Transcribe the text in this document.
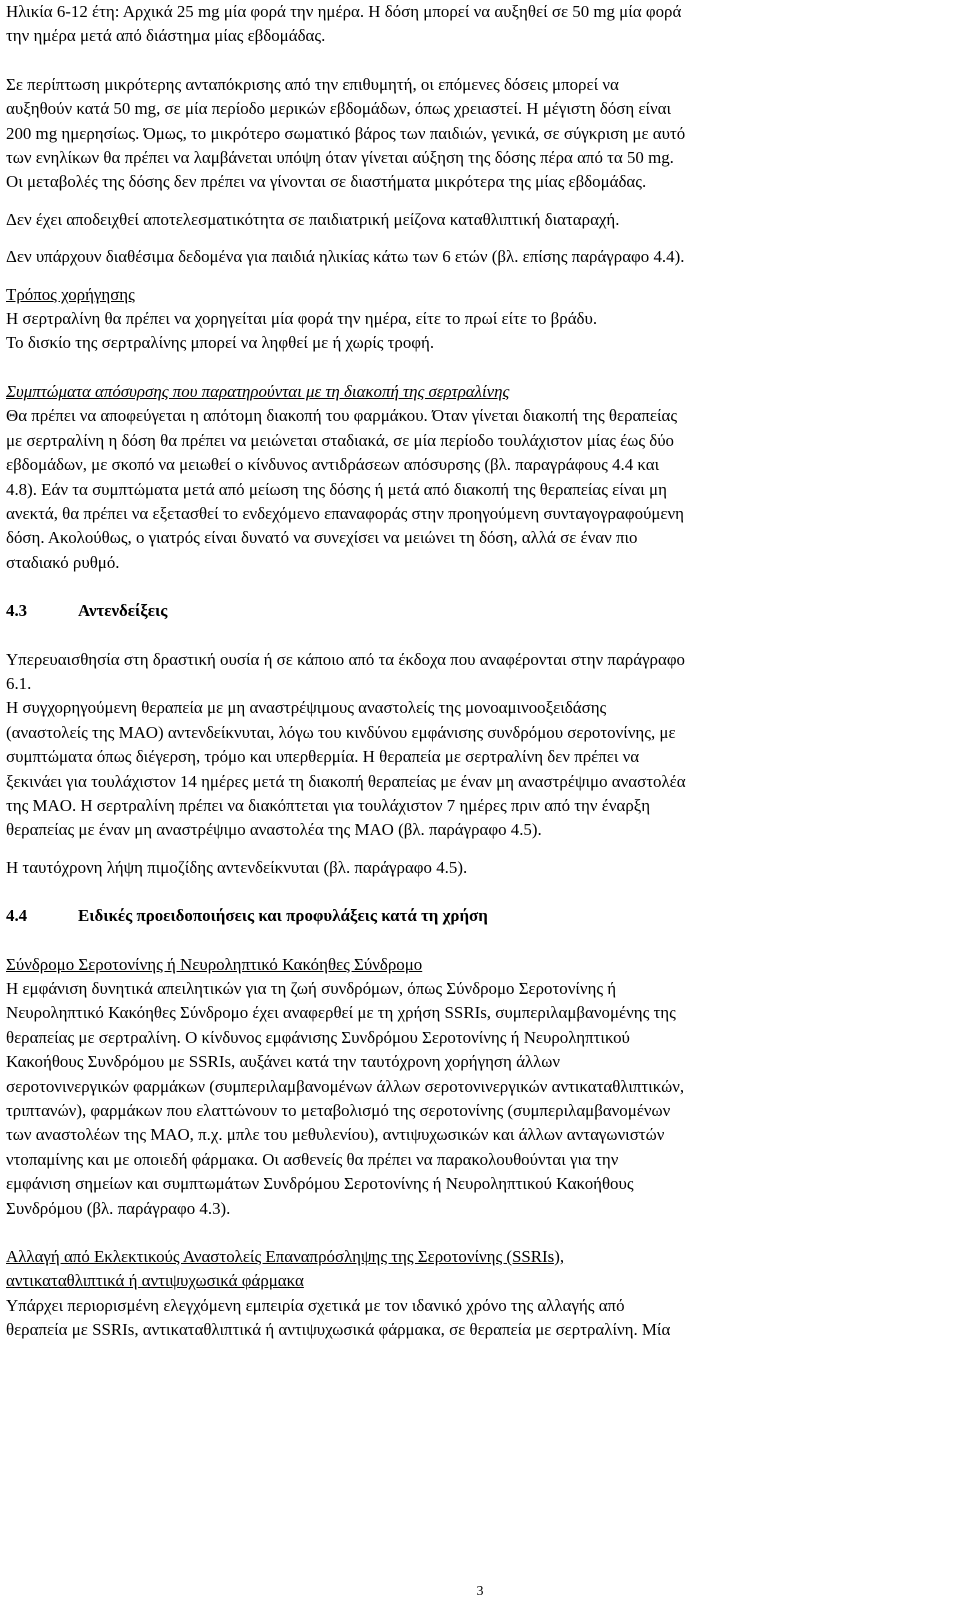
Ηλικία 6-12 έτη: Αρχικά 25 mg μία φορά την ημέρα. Η δόση μπορεί να αυξηθεί σε 50 mg μία φορά

την ημέρα μετά από διάστημα μίας εβδομάδας.

Σε περίπτωση μικρότερης ανταπόκρισης από την επιθυμητή, οι επόμενες δόσεις μπορεί να

αυξηθούν κατά 50 mg, σε μία περίοδο μερικών εβδομάδων, όπως χρειαστεί. Η μέγιστη δόση είναι

200 mg ημερησίως. Όμως, το μικρότερο σωματικό βάρος των παιδιών, γενικά, σε σύγκριση με αυτό

των ενηλίκων θα πρέπει να λαμβάνεται υπόψη όταν γίνεται αύξηση της δόσης πέρα από τα 50 mg.

Οι μεταβολές της δόσης δεν πρέπει να γίνονται σε διαστήματα μικρότερα της μίας εβδομάδας.

Δεν έχει αποδειχθεί αποτελεσματικότητα σε παιδιατρική μείζονα καταθλιπτική διαταραχή.

Δεν υπάρχουν διαθέσιμα δεδομένα για παιδιά ηλικίας κάτω των 6 ετών (βλ. επίσης παράγραφο 4.4).

Τρόπος χορήγησης

Η σερτραλίνη θα πρέπει να χορηγείται μία φορά την ημέρα, είτε το πρωί είτε το βράδυ.

Το δισκίο της σερτραλίνης μπορεί να ληφθεί με ή χωρίς τροφή.

Συμπτώματα απόσυρσης που παρατηρούνται με τη διακοπή της σερτραλίνης

Θα πρέπει να αποφεύγεται η απότομη διακοπή του φαρμάκου. Όταν γίνεται διακοπή της θεραπείας

με σερτραλίνη η δόση θα πρέπει να μειώνεται σταδιακά, σε μία περίοδο τουλάχιστον μίας έως δύο

εβδομάδων, με σκοπό να μειωθεί ο κίνδυνος αντιδράσεων απόσυρσης (βλ. παραγράφους 4.4 και

4.8). Εάν τα συμπτώματα μετά από μείωση της δόσης ή μετά από διακοπή της θεραπείας είναι μη

ανεκτά, θα πρέπει να εξετασθεί το ενδεχόμενο επαναφοράς στην προηγούμενη συνταγογραφούμενη

δόση. Ακολούθως, ο γιατρός είναι δυνατό να συνεχίσει να μειώνει τη δόση, αλλά σε έναν πιο

σταδιακό ρυθμό.

4.3	Αντενδείξεις

Υπερευαισθησία στη δραστική ουσία ή σε κάποιο από τα έκδοχα που αναφέρονται στην παράγραφο

6.1.

Η συγχορηγούμενη θεραπεία με μη αναστρέψιμους αναστολείς της μονοαμινοοξειδάσης

(αναστολείς της MAO) αντενδείκνυται, λόγω του κινδύνου εμφάνισης συνδρόμου σεροτονίνης, με

συμπτώματα όπως διέγερση, τρόμο και υπερθερμία. Η θεραπεία με σερτραλίνη δεν πρέπει να

ξεκινάει για τουλάχιστον 14 ημέρες μετά τη διακοπή θεραπείας με έναν μη αναστρέψιμο αναστολέα

της MAO. Η σερτραλίνη πρέπει να διακόπτεται για τουλάχιστον 7 ημέρες πριν από την έναρξη

θεραπείας με έναν μη αναστρέψιμο αναστολέα της MAO (βλ. παράγραφο 4.5).

Η ταυτόχρονη λήψη πιμοζίδης αντενδείκνυται (βλ. παράγραφο 4.5).

4.4	Ειδικές προειδοποιήσεις και προφυλάξεις κατά τη χρήση

Σύνδρομο Σεροτονίνης ή Νευροληπτικό Κακόηθες Σύνδρομο

Η εμφάνιση δυνητικά απειλητικών για τη ζωή συνδρόμων, όπως Σύνδρομο Σεροτονίνης ή

Νευροληπτικό Κακόηθες Σύνδρομο έχει αναφερθεί με τη χρήση SSRIs, συμπεριλαμβανομένης της

θεραπείας με σερτραλίνη. Ο κίνδυνος εμφάνισης Συνδρόμου Σεροτονίνης ή Νευροληπτικού

Κακοήθους Συνδρόμου με SSRIs, αυξάνει κατά την ταυτόχρονη χορήγηση άλλων

σεροτονινεργικών φαρμάκων (συμπεριλαμβανομένων άλλων σεροτονινεργικών αντικαταθλιπτικών,

τριπτανών), φαρμάκων που ελαττώνουν το μεταβολισμό της σεροτονίνης (συμπεριλαμβανομένων

των αναστολέων της MAO, π.χ. μπλε του μεθυλενίου), αντιψυχωσικών και άλλων ανταγωνιστών

ντοπαμίνης και με οποιεδή φάρμακα. Οι ασθενείς θα πρέπει να παρακολουθούνται για την

εμφάνιση σημείων και συμπτωμάτων Συνδρόμου Σεροτονίνης ή Νευροληπτικού Κακοήθους

Συνδρόμου (βλ. παράγραφο 4.3).

Αλλαγή από Εκλεκτικούς Αναστολείς Επαναπρόσληψης της Σεροτονίνης (SSRIs),

αντικαταθλιπτικά ή αντιψυχωσικά φάρμακα

Υπάρχει περιορισμένη ελεγχόμενη εμπειρία σχετικά με τον ιδανικό χρόνο της αλλαγής από

θεραπεία με SSRIs, αντικαταθλιπτικά ή αντιψυχωσικά φάρμακα, σε θεραπεία με σερτραλίνη. Μία

3
